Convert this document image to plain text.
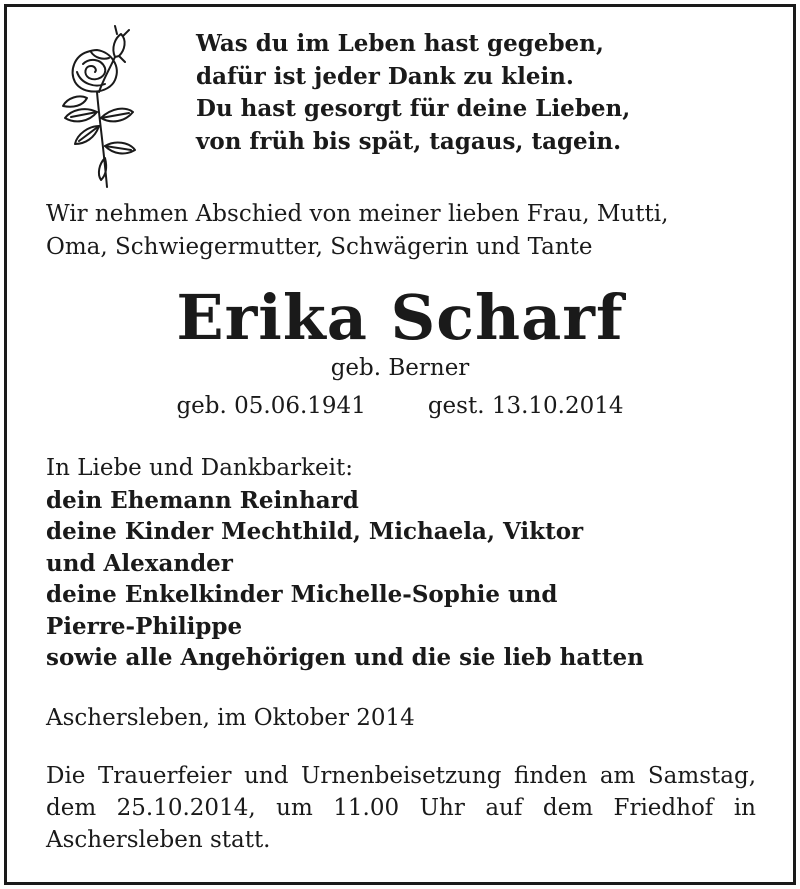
Was du im Leben hast gegeben,
dafür ist jeder Dank zu klein.
Du hast gesorgt für deine Lieben,
von früh bis spät, tagaus, tagein.
Wir nehmen Abschied von meiner lieben Frau, Mutti,
Oma, Schwiegermutter, Schwägerin und Tante
Erika Scharf
geb. Berner
geb. 05.06.1941	gest. 13.10.2014
In Liebe und Dankbarkeit:
dein Ehemann Reinhard
deine Kinder Mechthild, Michaela, Viktor
und Alexander
deine Enkelkinder Michelle-Sophie und
Pierre-Philippe
sowie alle Angehörigen und die sie lieb hatten
Aschersleben, im Oktober 2014
Die Trauerfeier und Urnenbeisetzung finden am Samstag, dem 25.10.2014, um 11.00 Uhr auf dem Friedhof in Aschersleben statt.
